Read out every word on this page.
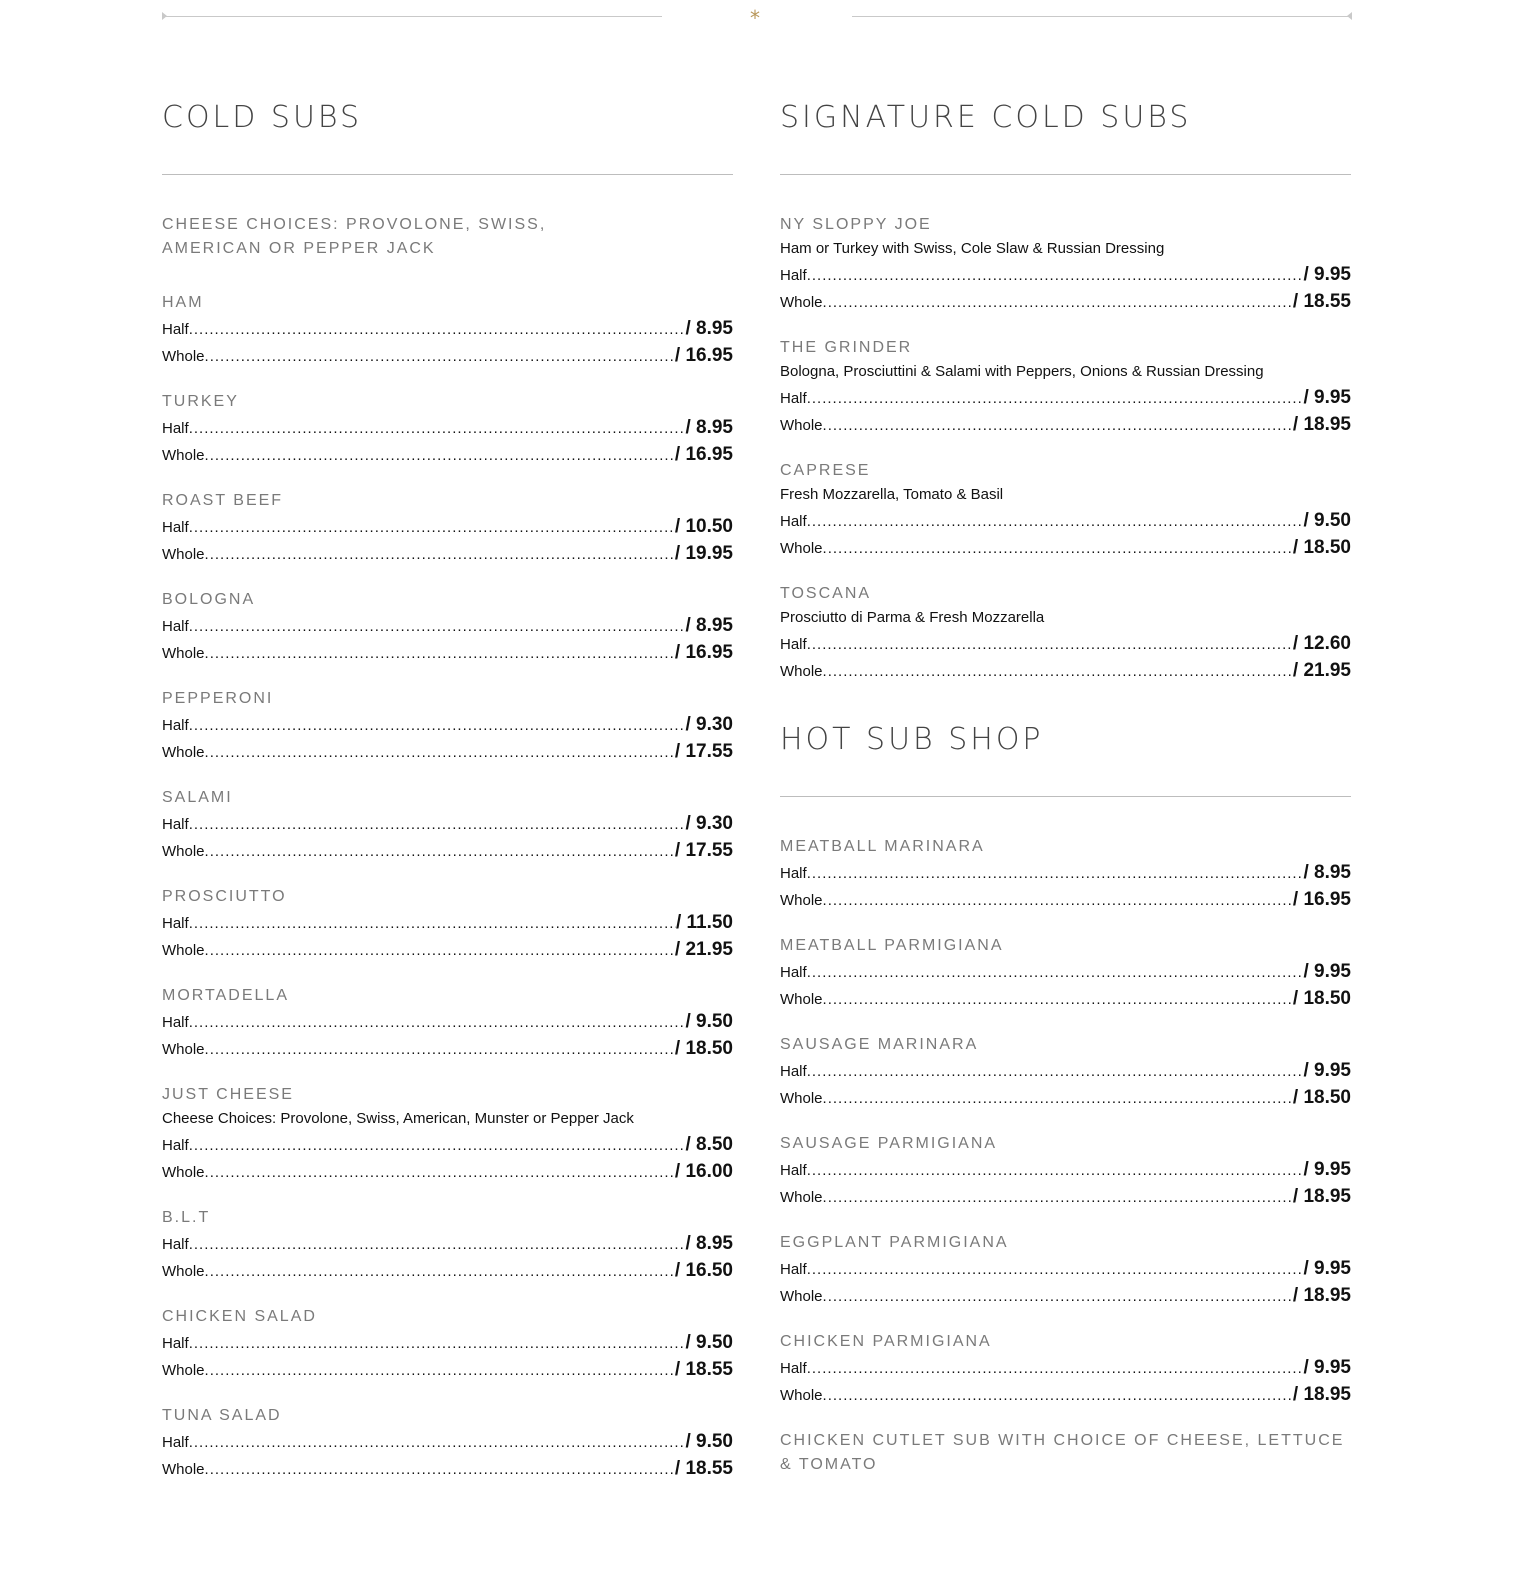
*
COLD SUBS
CHEESE CHOICES: PROVOLONE, SWISS, AMERICAN OR PEPPER JACK
HAM
Half .....	/ 8.95
Whole .....	/ 16.95
TURKEY
Half .....	/ 8.95
Whole .....	/ 16.95
ROAST BEEF
Half .....	/ 10.50
Whole .....	/ 19.95
BOLOGNA
Half .....	/ 8.95
Whole .....	/ 16.95
PEPPERONI
Half .....	/ 9.30
Whole .....	/ 17.55
SALAMI
Half .....	/ 9.30
Whole .....	/ 17.55
PROSCIUTTO
Half .....	/ 11.50
Whole .....	/ 21.95
MORTADELLA
Half .....	/ 9.50
Whole .....	/ 18.50
JUST CHEESE
Cheese Choices: Provolone, Swiss, American, Munster or Pepper Jack
Half .....	/ 8.50
Whole .....	/ 16.00
B.L.T
Half .....	/ 8.95
Whole .....	/ 16.50
CHICKEN SALAD
Half .....	/ 9.50
Whole .....	/ 18.55
TUNA SALAD
Half .....	/ 9.50
Whole .....	/ 18.55
SIGNATURE COLD SUBS
NY SLOPPY JOE
Ham or Turkey with Swiss, Cole Slaw & Russian Dressing
Half .....	/ 9.95
Whole .....	/ 18.55
THE GRINDER
Bologna, Prosciuttini & Salami with Peppers, Onions & Russian Dressing
Half .....	/ 9.95
Whole .....	/ 18.95
CAPRESE
Fresh Mozzarella, Tomato & Basil
Half .....	/ 9.50
Whole .....	/ 18.50
TOSCANA
Prosciutto di Parma & Fresh Mozzarella
Half .....	/ 12.60
Whole .....	/ 21.95
HOT SUB SHOP
MEATBALL MARINARA
Half .....	/ 8.95
Whole .....	/ 16.95
MEATBALL PARMIGIANA
Half .....	/ 9.95
Whole .....	/ 18.50
SAUSAGE MARINARA
Half .....	/ 9.95
Whole .....	/ 18.50
SAUSAGE PARMIGIANA
Half .....	/ 9.95
Whole .....	/ 18.95
EGGPLANT PARMIGIANA
Half .....	/ 9.95
Whole .....	/ 18.95
CHICKEN PARMIGIANA
Half .....	/ 9.95
Whole .....	/ 18.95
CHICKEN CUTLET SUB WITH CHOICE OF CHEESE, LETTUCE & TOMATO
